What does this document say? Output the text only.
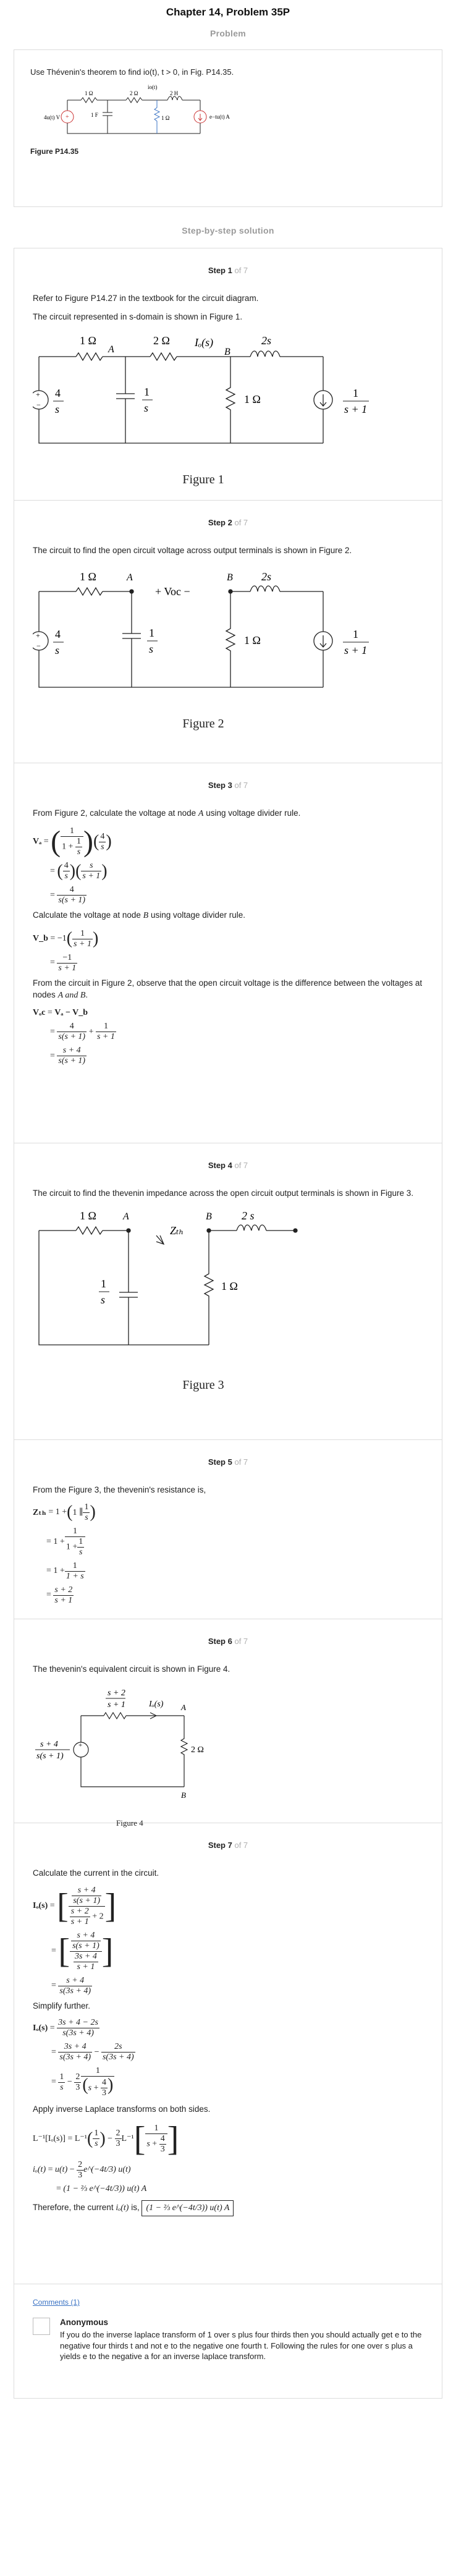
Chapter 14, Problem 35P
Problem

Use Thévenin's theorem to find io(t), t > 0, in Fig. P14.35.

+
4u(t) V
1 Ω	2 Ω
io(t)
2 H
1 F	1 Ω	e−tu(t) A
Figure P14.35
Step-by-step solution
Step 1 of 7

Refer to Figure P14.27 in the textbook for the circuit diagram.

The circuit represented in s-domain is shown in Figure 1.

+
−
1 Ω	2 Ω
A
Iₒ(s)
B
2s
4
s
1
s
1 Ω	1
s + 1
Figure 1
Step 2 of 7

The circuit to find the open circuit voltage across output terminals is shown in Figure 2.

+
−
1 Ω	A	B
+ Voc −
2s
4
s
1
s
1 Ω	1
s + 1
Figure 2
Step 3 of 7

From Figure 2, calculate the voltage at node A using voltage divider rule.

Vₐ
=
( $\frac{1}{1 + \frac{1}{s}}$ ) ( $\frac{4}{s}$ )
=
( $\frac{4}{s}$ ) ( $\frac{s}{s + 1}$ )
=
$\frac{4}{s(s + 1)}$

Calculate the voltage at node B using voltage divider rule.

V_b
=
−1 ( $\frac{1}{s + 1}$ )
=
$\frac{-1}{s + 1}$

From the circuit in Figure 2, observe that the open circuit voltage is the difference between the voltages at nodes A and B.

Vₒc
=
Vₐ − V_b
=
$\frac{4}{s(s + 1)}$
+
$\frac{1}{s + 1}$
=
$\frac{s + 4}{s(s + 1)}$
Step 4 of 7

The circuit to find the thevenin impedance across the open circuit output terminals is shown in Figure 3.

1 Ω	A
Zₜₕ
B	2 s
1
s
1 Ω
Figure 3
Step 5 of 7

From the Figure 3, the thevenin's resistance is,

Zₜₕ = 1 + ( 1 ∥ $\frac{1}{s}$ )
= $1 + \frac{1}{1 + \frac{1}{s}}$
= $1 + \frac{1}{1 + s}$
= $\frac{s + 2}{s + 1}$
Step 6 of 7

The thevenin's equivalent circuit is shown in Figure 4.

+
s + 2
s + 1	Iₒ(s) A
B
s + 4
s(s + 1)
2 Ω
Figure 4
Step 7 of 7

Calculate the current in the circuit.

Iₒ(s) = [ $\frac{\frac{s + 4}{s(s + 1)}}{\frac{s + 2}{s + 1} + 2}$ ]
= [ $\frac{\frac{s + 4}{s(s + 1)}}{\frac{3s + 4}{s + 1}}$ ]
= $\frac{s + 4}{s(3s + 4)}$

Simplify further.

$I_o(s) = \frac{3s + 4 - 2s}{s(3s + 4)}$
= $\frac{3s + 4}{s(3s + 4)}$
−
$\frac{2s}{s(3s + 4)}$
= $\frac{1}{s}$
−
$\frac{2}{3} \frac{1}{(s + \frac{4}{3} )}$

Apply inverse Laplace transforms on both sides.

L⁻¹ [Iₒ(s)] = L⁻¹ ( $\frac{1}{s}$ )
−
$\frac{2}{3} L^{-1}$ [ $\frac{1}{s + \frac{4}{3}}$ ]
iₒ(t) = u(t)
−
$\frac{2}{3}$ e^(−4t/3)
u(t)
= (1 − ⅔ e^(−4t/3)) u(t) A

Therefore, the current iₒ(t) is, (1 − ⅔ e^(−4t/3)) u(t) A

Comments (1)
Anonymous
If you do the inverse laplace transform of 1 over s plus four thirds then you should actually get e to the negative four thirds t and not e to the negative one fourth t. Following the rules for one over s plus a yields e to the negative a for an inverse laplace transform.
